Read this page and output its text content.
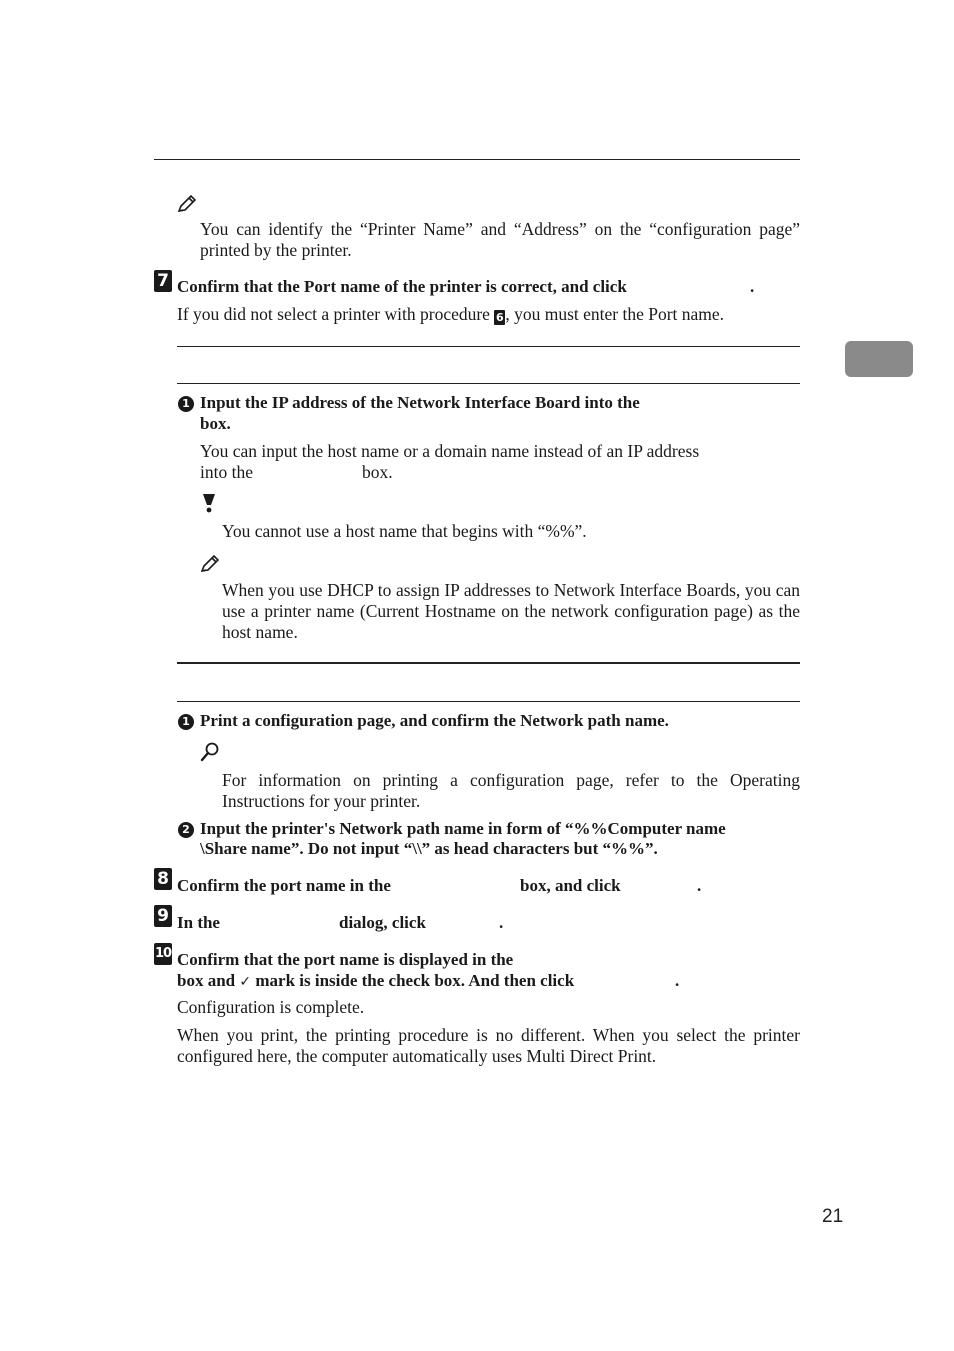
You can identify the “Printer Name” and “Address” on the “configuration page” printed by the printer.
7 Confirm that the Port name of the printer is correct, and click	.
If you did not select a printer with procedure 6, you must enter the Port name.
1 Input the IP address of the Network Interface Board into the
box.
You can input the host name or a domain name instead of an IP address
into the	box.
You cannot use a host name that begins with “%%”.
When you use DHCP to assign IP addresses to Network Interface Boards, you can use a printer name (Current Hostname on the network configuration page) as the host name.
1 Print a configuration page, and confirm the Network path name.
For information on printing a configuration page, refer to the Operating Instructions for your printer.
2 Input the printer's Network path name in form of “%%Computer name
\Share name”. Do not input “\\” as head characters but “%%”.
8 Confirm the port name in the	box, and click	.
9 In the	dialog, click	.
10 Confirm that the port name is displayed in the
box and ✓ mark is inside the check box. And then click	.
Configuration is complete.
When you print, the printing procedure is no different. When you select the printer configured here, the computer automatically uses Multi Direct Print.
21
